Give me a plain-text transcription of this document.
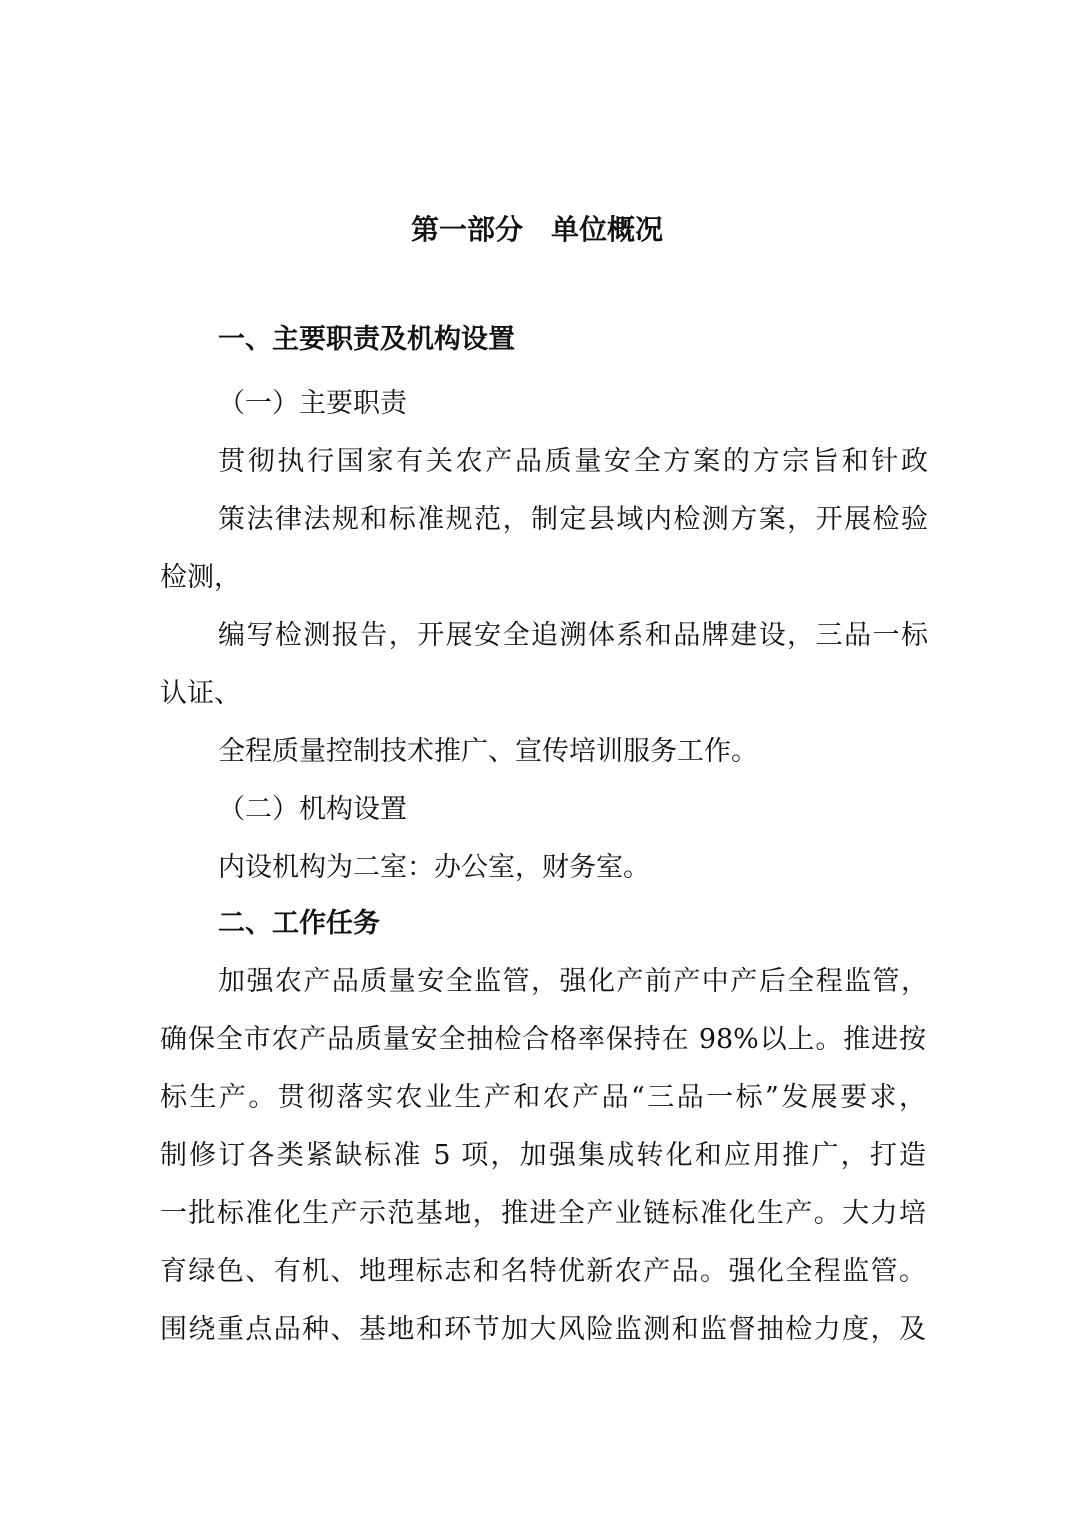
第一部分　单位概况
一、主要职责及机构设置
（一）主要职责
贯彻执行国家有关农产品质量安全方案的方宗旨和针政
策法律法规和标准规范，制定县域内检测方案，开展检验
检测，
编写检测报告，开展安全追溯体系和品牌建设，三品一标
认证、
全程质量控制技术推广、宣传培训服务工作。
（二）机构设置
内设机构为二室：办公室，财务室。
二、工作任务
加强农产品质量安全监管，强化产前产中产后全程监管，
确保全市农产品质量安全抽检合格率保持在 98%以上。推进按
标生产。贯彻落实农业生产和农产品“三品一标”发展要求，
制修订各类紧缺标准 5 项，加强集成转化和应用推广，打造
一批标准化生产示范基地，推进全产业链标准化生产。大力培
育绿色、有机、地理标志和名特优新农产品。强化全程监管。
围绕重点品种、基地和环节加大风险监测和监督抽检力度，及
